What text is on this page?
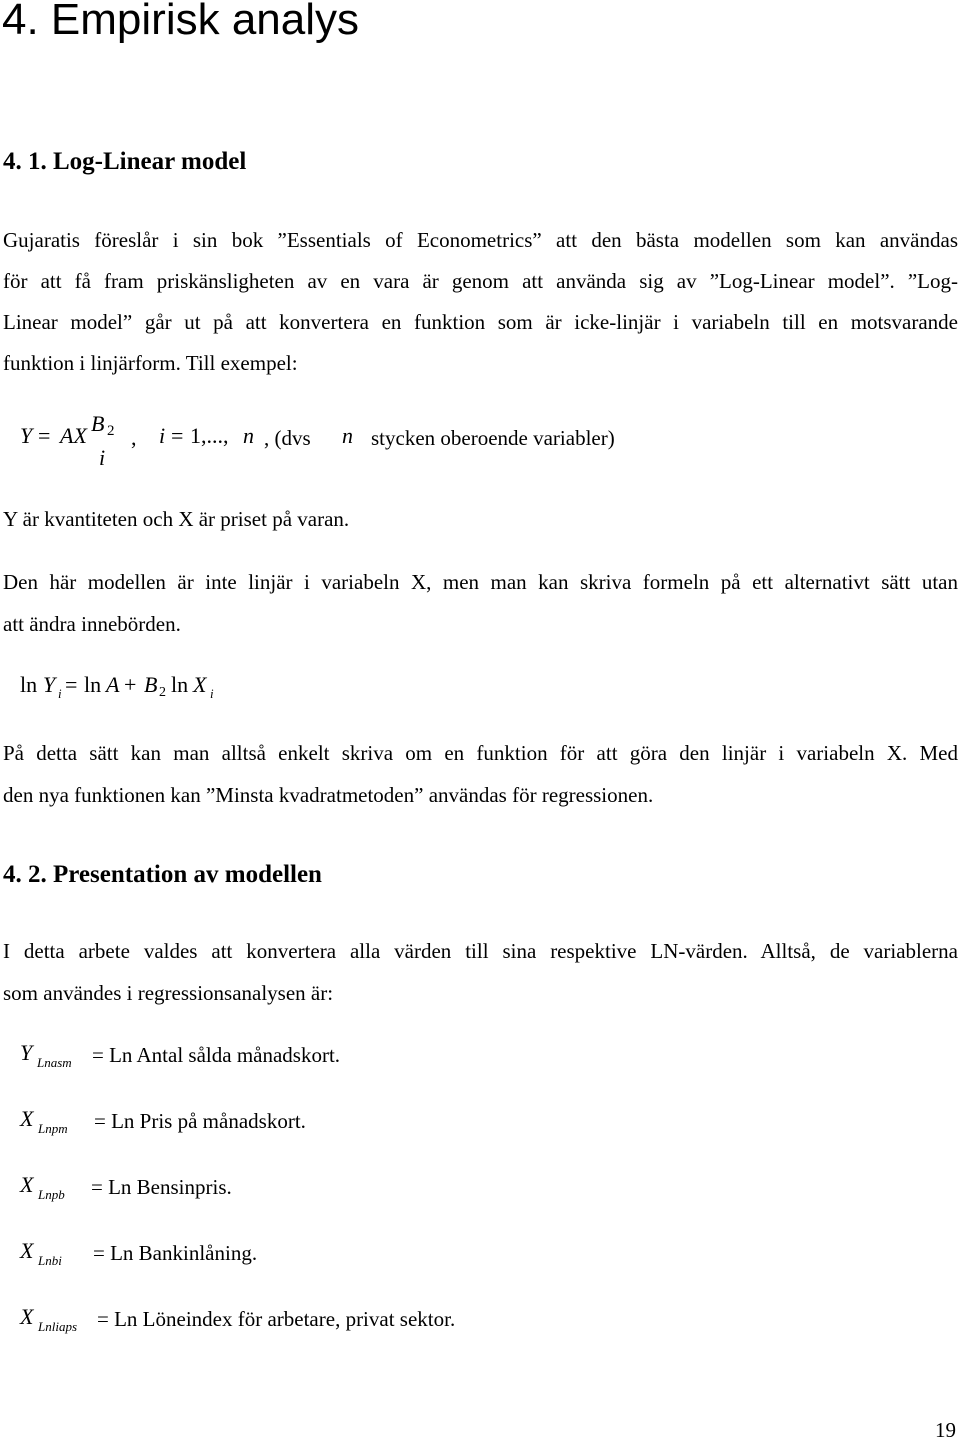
4. Empirisk analys
4. 1. Log-Linear model
Gujaratis föreslår i sin bok ”Essentials of Econometrics” att den bästa modellen som kan användas
för att få fram priskänsligheten av en vara är genom att använda sig av ”Log-Linear model”. ”Log-
Linear model” går ut på att konvertera en funktion som är icke-linjär i variabeln till en motsvarande
funktion i linjärform. Till exempel:
Y = AX B 2
i
, i = 1,..., n , (dvs n stycken oberoende variabler)
Y är kvantiteten och X är priset på varan.
Den här modellen är inte linjär i variabeln X, men man kan skriva formeln på ett alternativt sätt utan
att ändra innebörden.
ln Y i = ln A + B 2 ln X i
På detta sätt kan man alltså enkelt skriva om en funktion för att göra den linjär i variabeln X. Med
den nya funktionen kan ”Minsta kvadratmetoden” användas för regressionen.
4. 2. Presentation av modellen
I detta arbete valdes att konvertera alla värden till sina respektive LN-värden. Alltså, de variablerna
som användes i regressionsanalysen är:
Y Lnasm = Ln Antal sålda månadskort.
X Lnpm = Ln Pris på månadskort.
X Lnpb = Ln Bensinpris.
X Lnbi = Ln Bankinlåning.
X Lnliaps = Ln Löneindex för arbetare, privat sektor.
19
